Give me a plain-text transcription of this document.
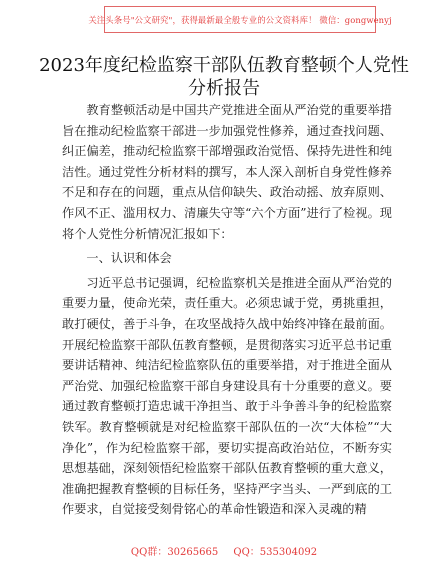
关注头条号"公文研究"，获得最新最全般专业的公文资料库！ 微信：gongwenyj
2023年度纪检监察干部队伍教育整顿个人党性
分析报告

教育整顿活动是中国共产党推进全面从严治党的重要举措旨在推动纪检监察干部进一步加强党性修养，通过查找问题、纠正偏差，推动纪检监察干部增强政治觉悟、保持先进性和纯洁性。通过党性分析材料的撰写，本人深入剖析自身党性修养不足和存在的问题，重点从信仰缺失、政治动摇、放弃原则、作风不正、滥用权力、清廉失守等“六个方面”进行了检视。现将个人党性分析情况汇报如下：

一、认识和体会

习近平总书记强调，纪检监察机关是推进全面从严治党的重要力量，使命光荣，责任重大。必须忠诚于党，勇挑重担，敢打硬仗，善于斗争，在攻坚战持久战中始终冲锋在最前面。开展纪检监察干部队伍教育整顿，是贯彻落实习近平总书记重要讲话精神、纯洁纪检监察队伍的重要举措，对于推进全面从严治党、加强纪检监察干部自身建设具有十分重要的意义。要通过教育整顿打造忠诚干净担当、敢于斗争善斗争的纪检监察铁军。教育整顿就是对纪检监察干部队伍的一次“大体检”“大净化”，作为纪检监察干部，要切实提高政治站位，不断夯实思想基础，深刻领悟纪检监察干部队伍教育整顿的重大意义，准确把握教育整顿的目标任务，坚持严字当头、一严到底的工作要求，自觉接受刻骨铭心的革命性锻造和深入灵魂的精

QQ群：30265665 QQ：535304092
